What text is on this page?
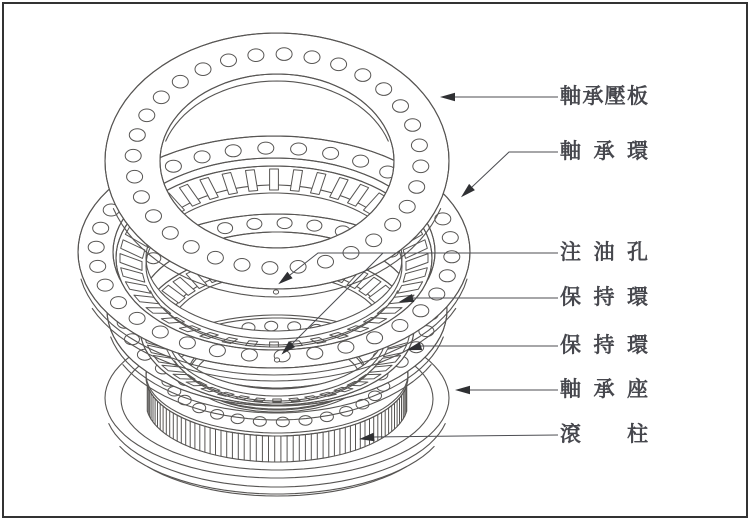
軸 承 壓 板
軸 承 環
注 油 孔
保 持 環
保 持 環
軸 承 座
滾 柱
